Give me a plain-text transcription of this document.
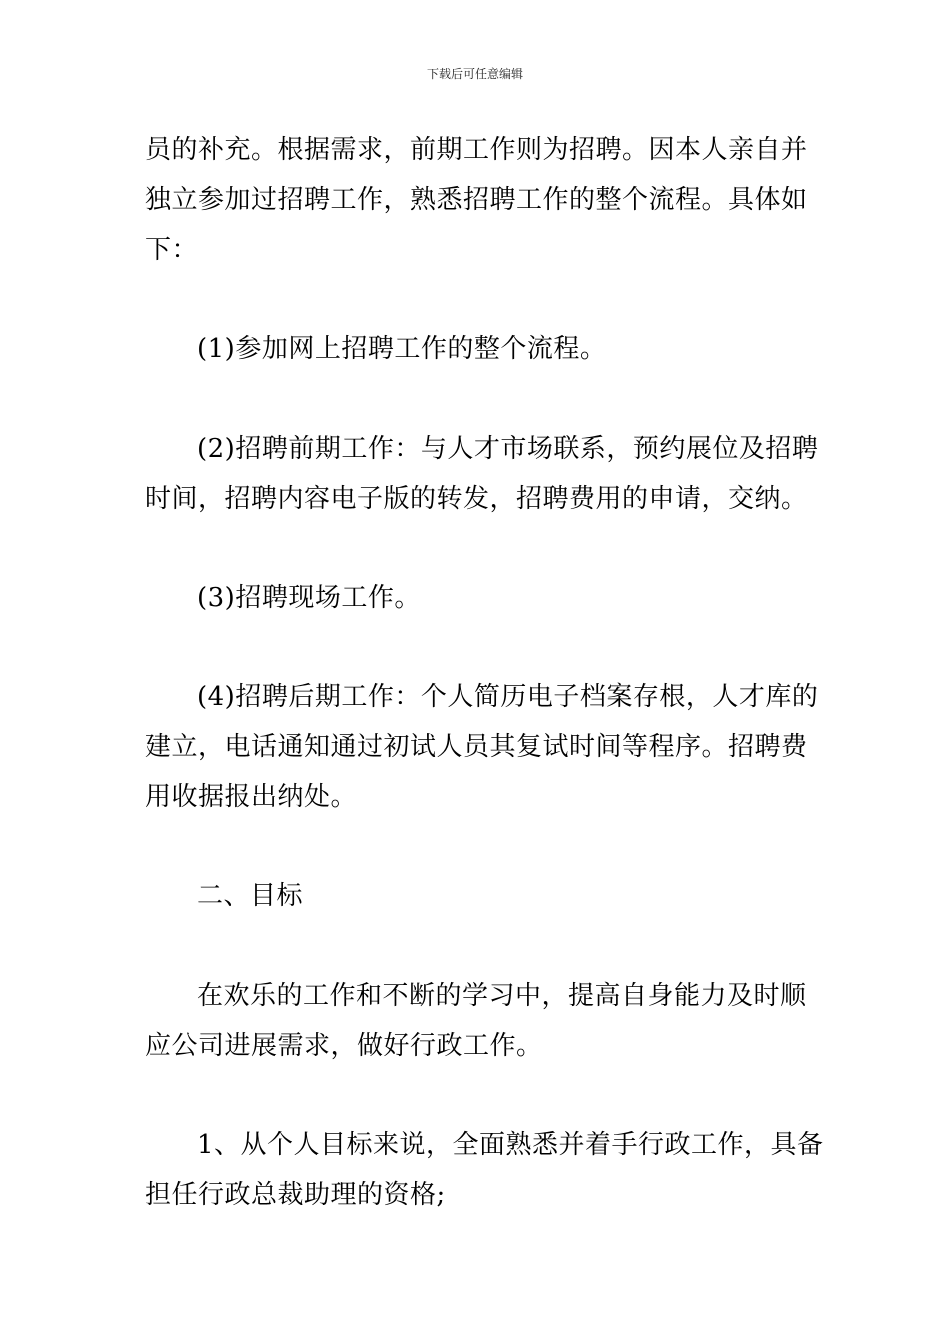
下载后可任意编辑
员的补充。根据需求，前期工作则为招聘。因本人亲自并
独立参加过招聘工作，熟悉招聘工作的整个流程。具体如
下：
(1)参加网上招聘工作的整个流程。
(2)招聘前期工作：与人才市场联系，预约展位及招聘
时间，招聘内容电子版的转发，招聘费用的申请，交纳。
(3)招聘现场工作。
(4)招聘后期工作：个人简历电子档案存根，人才库的
建立，电话通知通过初试人员其复试时间等程序。招聘费
用收据报出纳处。
二、目标
在欢乐的工作和不断的学习中，提高自身能力及时顺
应公司进展需求，做好行政工作。
1、从个人目标来说，全面熟悉并着手行政工作，具备
担任行政总裁助理的资格;
